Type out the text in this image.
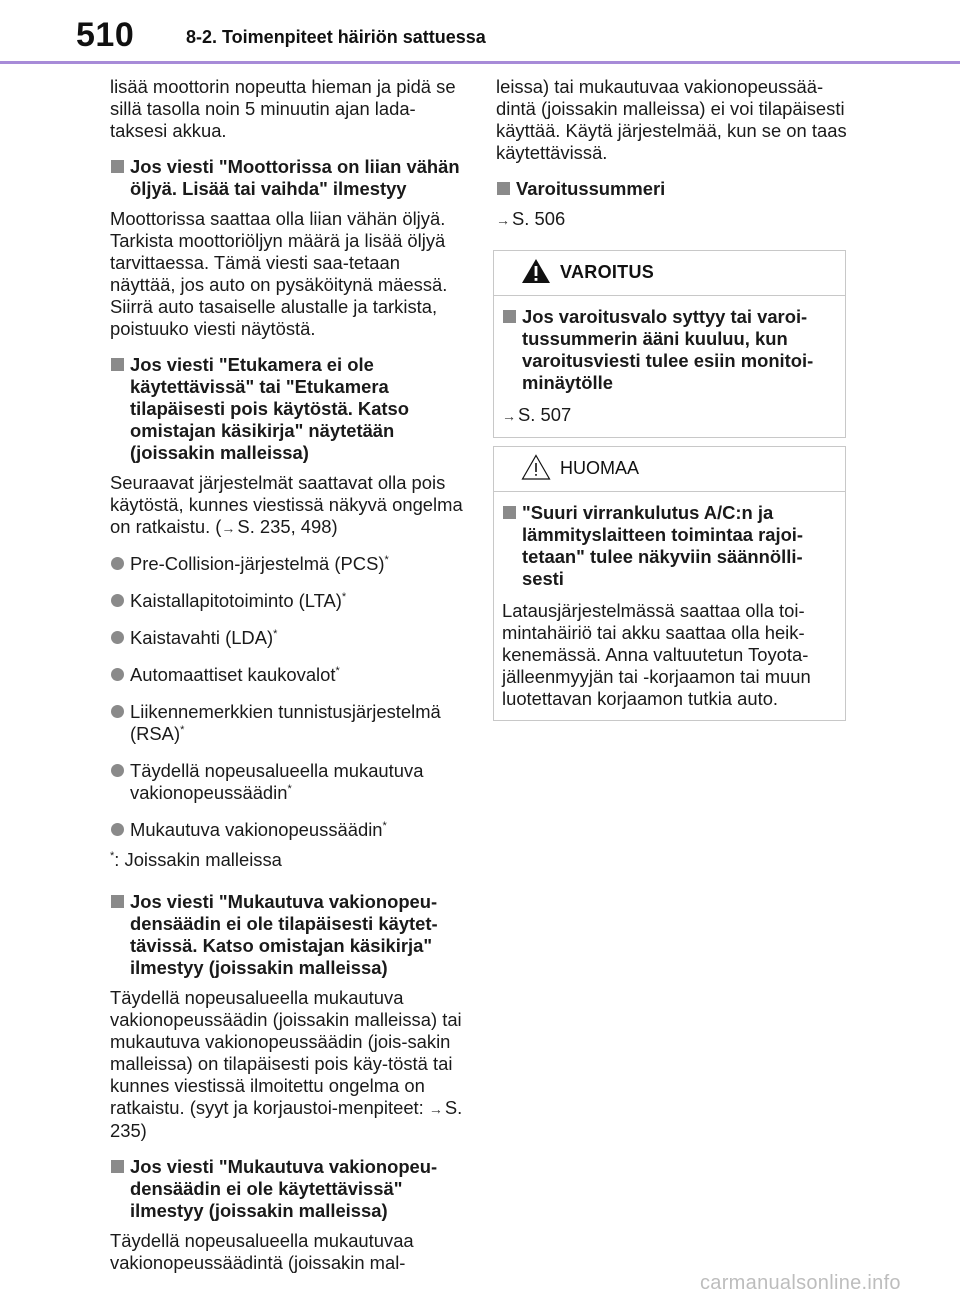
510	8-2. Toimenpiteet häiriön sattuessa

lisää moottorin nopeutta hieman ja pidä se sillä tasolla noin 5 minuutin ajan lada-taksesi akkua.

Jos viesti "Moottorissa on liian vähän öljyä. Lisää tai vaihda" ilmestyy

Moottorissa saattaa olla liian vähän öljyä. Tarkista moottoriöljyn määrä ja lisää öljyä tarvittaessa. Tämä viesti saa-tetaan näyttää, jos auto on pysäköitynä mäessä. Siirrä auto tasaiselle alustalle ja tarkista, poistuuko viesti näytöstä.

Jos viesti "Etukamera ei ole käytettävissä" tai "Etukamera tilapäisesti pois käytöstä. Katso omistajan käsikirja" näytetään (joissakin malleissa)

Seuraavat järjestelmät saattavat olla pois käytöstä, kunnes viestissä näkyvä ongelma on ratkaistu. (→ S. 235, 498)

Pre-Collision-järjestelmä (PCS)*
Kaistallapitotoiminto (LTA)*
Kaistavahti (LDA)*
Automaattiset kaukovalot*
Liikennemerkkien tunnistusjärjestelmä (RSA)*
Täydellä nopeusalueella mukautuva vakionopeussäädin*
Mukautuva vakionopeussäädin*

*: Joissakin malleissa

Jos viesti "Mukautuva vakionopeu-densäädin ei ole tilapäisesti käytet-tävissä. Katso omistajan käsikirja" ilmestyy (joissakin malleissa)

Täydellä nopeusalueella mukautuva vakionopeussäädin (joissakin malleissa) tai mukautuva vakionopeussäädin (jois-sakin malleissa) on tilapäisesti pois käy-töstä tai kunnes viestissä ilmoitettu ongelma on ratkaistu. (syyt ja korjaustoi-menpiteet: → S. 235)

Jos viesti "Mukautuva vakionopeu-densäädin ei ole käytettävissä" ilmestyy (joissakin malleissa)

Täydellä nopeusalueella mukautuvaa vakionopeussäädintä (joissakin mal-

leissa) tai mukautuvaa vakionopeussää-dintä (joissakin malleissa) ei voi tilapäisesti käyttää. Käytä järjestelmää, kun se on taas käytettävissä.

Varoitussummeri

→ S. 506

VAROITUS
Jos varoitusvalo syttyy tai varoi-tussummerin ääni kuuluu, kun varoitusviesti tulee esiin monitoi-minäytölle

→ S. 507

HUOMAA
"Suuri virrankulutus A/C:n ja lämmityslaitteen toimintaa rajoi-tetaan" tulee näkyviin säännölli-sesti

Latausjärjestelmässä saattaa olla toi-mintahäiriö tai akku saattaa olla heik-kenemässä. Anna valtuutetun Toyota-jälleenmyyjän tai -korjaamon tai muun luotettavan korjaamon tutkia auto.

carmanualsonline.info
